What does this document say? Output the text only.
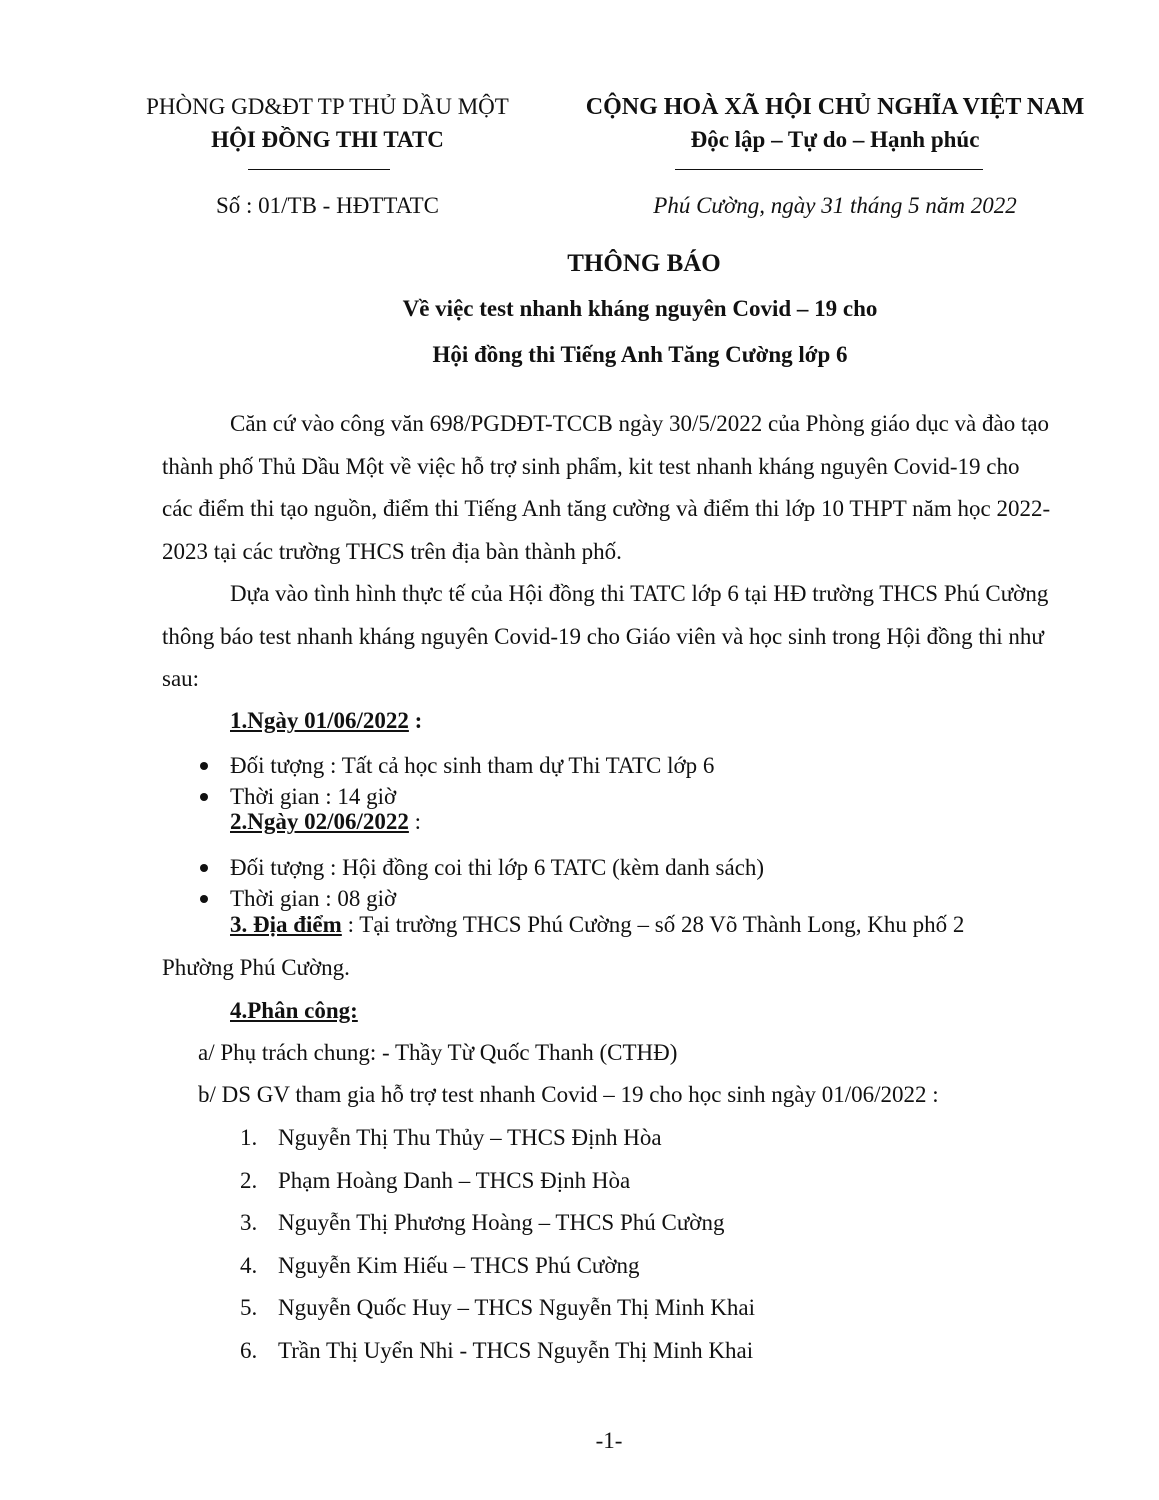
PHÒNG GD&ĐT TP THỦ DẦU MỘT
HỘI ĐỒNG THI TATC
CỘNG HOÀ XÃ HỘI CHỦ NGHĨA VIỆT NAM
Độc lập – Tự do – Hạnh phúc
Số : 01/TB - HĐTTATC	Phú Cường, ngày 31 tháng 5 năm 2022
THÔNG BÁO
Về việc test nhanh kháng nguyên Covid – 19 cho
Hội đồng thi Tiếng Anh Tăng Cường lớp 6
Căn cứ vào công văn 698/PGDĐT-TCCB ngày 30/5/2022 của Phòng giáo dục và đào tạo thành phố Thủ Dầu Một về việc hỗ trợ sinh phẩm, kit test nhanh kháng nguyên Covid-19 cho các điểm thi tạo nguồn, điểm thi Tiếng Anh tăng cường và điểm thi lớp 10 THPT năm học 2022-2023 tại các trường THCS trên địa bàn thành phố.
Dựa vào tình hình thực tế của Hội đồng thi TATC lớp 6 tại HĐ trường THCS Phú Cường thông báo test nhanh kháng nguyên Covid-19 cho Giáo viên và học sinh trong Hội đồng thi như sau:
1.Ngày 01/06/2022 :
Đối tượng : Tất cả học sinh tham dự Thi TATC lớp 6
Thời gian : 14 giờ
2.Ngày 02/06/2022 :
Đối tượng : Hội đồng coi thi lớp 6 TATC (kèm danh sách)
Thời gian : 08 giờ
3. Địa điểm : Tại trường THCS Phú Cường – số 28 Võ Thành Long, Khu phố 2
Phường Phú Cường.
4.Phân công:
a/ Phụ trách chung: - Thầy Từ Quốc Thanh (CTHĐ)
b/ DS GV tham gia hỗ trợ test nhanh Covid – 19 cho học sinh ngày 01/06/2022 :
1. Nguyễn Thị Thu Thủy – THCS Định Hòa
2. Phạm Hoàng Danh – THCS Định Hòa
3. Nguyễn Thị Phương Hoàng – THCS Phú Cường
4. Nguyễn Kim Hiếu – THCS Phú Cường
5. Nguyễn Quốc Huy – THCS Nguyễn Thị Minh Khai
6. Trần Thị Uyển Nhi - THCS Nguyễn Thị Minh Khai
-1-
